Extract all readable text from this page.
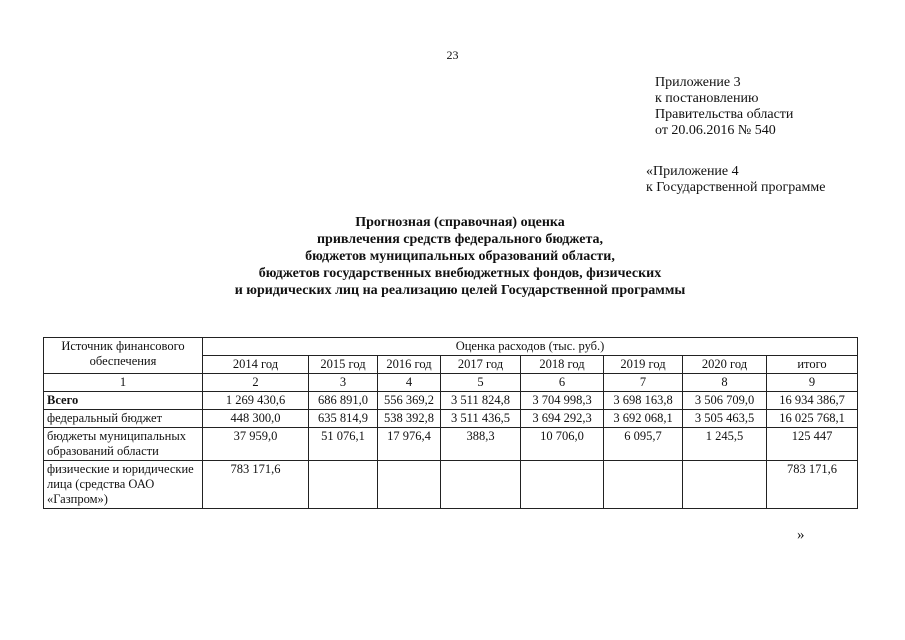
23
Приложение 3
к постановлению
Правительства области
от 20.06.2016 № 540
«Приложение 4
к Государственной программе
Прогнозная (справочная) оценка
привлечения средств федерального бюджета,
бюджетов муниципальных образований области,
бюджетов государственных внебюджетных фондов, физических
и юридических лиц на реализацию целей Государственной программы
Источник финансового обеспечения	Оценка расходов (тыс. руб.)							
	2014 год	2015 год	2016 год	2017 год	2018 год	2019 год	2020 год	итого
1	2	3	4	5	6	7	8	9
Всего	1 269 430,6	686 891,0	556 369,2	3 511 824,8	3 704 998,3	3 698 163,8	3 506 709,0	16 934 386,7
федеральный бюджет	448 300,0	635 814,9	538 392,8	3 511 436,5	3 694 292,3	3 692 068,1	3 505 463,5	16 025 768,1
бюджеты муниципальных образований области	37 959,0	51 076,1	17 976,4	388,3	10 706,0	6 095,7	1 245,5	125 447
физические и юридические лица (средства ОАО «Газпром»)	783 171,6							783 171,6
»
